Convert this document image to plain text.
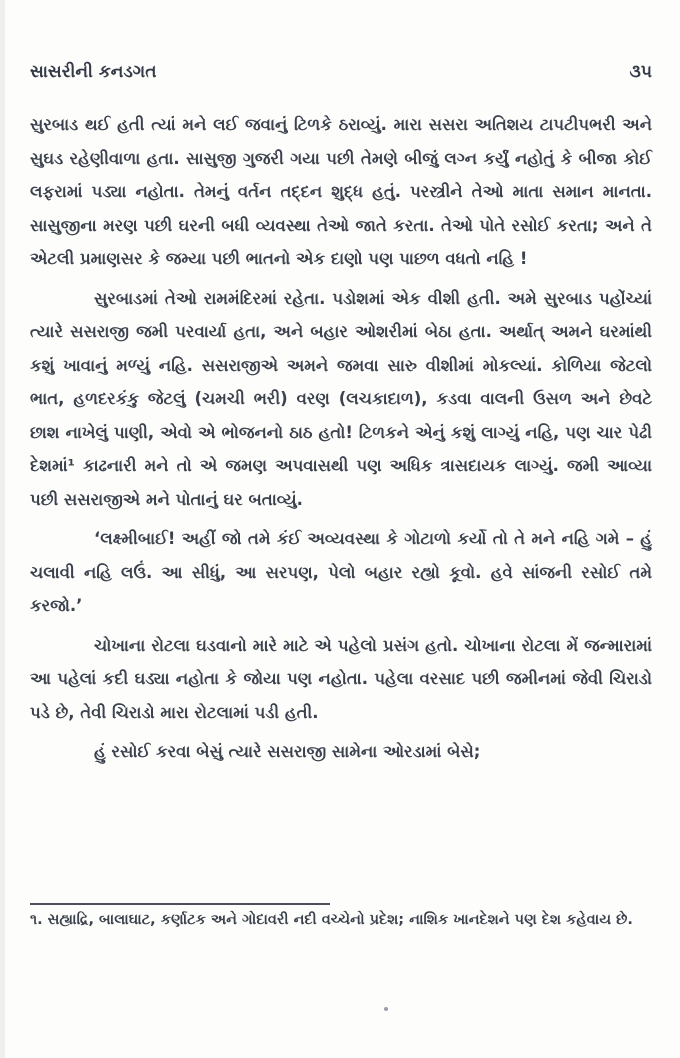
સાસરીની કનડગત	૩૫

સુરબાડ થઈ હતી ત્યાં મને લઈ જવાનું ટિળકે ઠરાવ્યું. મારા સસરા અતિશય ટાપટીપભરી અને સુઘડ રહેણીવાળા હતા. સાસુજી ગુજરી ગયા પછી તેમણે બીજું લગ્ન કર્યું નહોતું કે બીજા કોઈ લફરામાં પડ્યા નહોતા. તેમનું વર્તન તદ્દન શુદ્ધ હતું. પરસ્ત્રીને તેઓ માતા સમાન માનતા. સાસુજીના મરણ પછી ઘરની બધી વ્યવસ્થા તેઓ જાતે કરતા. તેઓ પોતે રસોઈ કરતા; અને તે એટલી પ્રમાણસર કે જમ્યા પછી ભાતનો એક દાણો પણ પાછળ વધતો નહિ !

સુરબાડમાં તેઓ રામમંદિરમાં રહેતા. પડોશમાં એક વીશી હતી. અમે સુરબાડ પહોંચ્યાં ત્યારે સસરાજી જમી પરવાર્યા હતા, અને બહાર ઓશરીમાં બેઠા હતા. અર્થાત્ અમને ઘરમાંથી કશું ખાવાનું મળ્યું નહિ. સસરાજીએ અમને જમવા સારુ વીશીમાં મોકલ્યાં. કોળિયા જેટલો ભાત, હળદરકંકુ જેટલું (ચમચી ભરી) વરણ (લચકાદાળ), કડવા વાલની ઉસળ અને છેવટે છાશ નાખેલું પાણી, એવો એ ભોજનનો ઠાઠ હતો! ટિળકને એનું કશું લાગ્યું નહિ, પણ ચાર પેઢી દેશમાં¹ કાઢનારી મને તો એ જમણ અપવાસથી પણ અધિક ત્રાસદાયક લાગ્યું. જમી આવ્યા પછી સસરાજીએ મને પોતાનું ઘર બતાવ્યું.

‘લક્ષ્મીબાઈ! અહીં જો તમે કંઈ અવ્યવસ્થા કે ગોટાળો કર્યો તો તે મને નહિ ગમે – હું ચલાવી નહિ લઉં. આ સીધું, આ સરપણ, પેલો બહાર રહ્યો કૂવો. હવે સાંજની રસોઈ તમે કરજો.’

ચોખાના રોટલા ઘડવાનો મારે માટે એ પહેલો પ્રસંગ હતો. ચોખાના રોટલા મેં જન્મારામાં આ પહેલાં કદી ઘડ્યા નહોતા કે જોયા પણ નહોતા. પહેલા વરસાદ પછી જમીનમાં જેવી ચિરાડો પડે છે, તેવી ચિરાડો મારા રોટલામાં પડી હતી.

હું રસોઈ કરવા બેસું ત્યારે સસરાજી સામેના ઓરડામાં બેસે;

૧. સહ્યાદ્રિ, બાલાઘાટ, કર્ણાટક અને ગોદાવરી નદી વચ્ચેનો પ્રદેશ; નાશિક ખાનદેશને પણ દેશ કહેવાય છે.
